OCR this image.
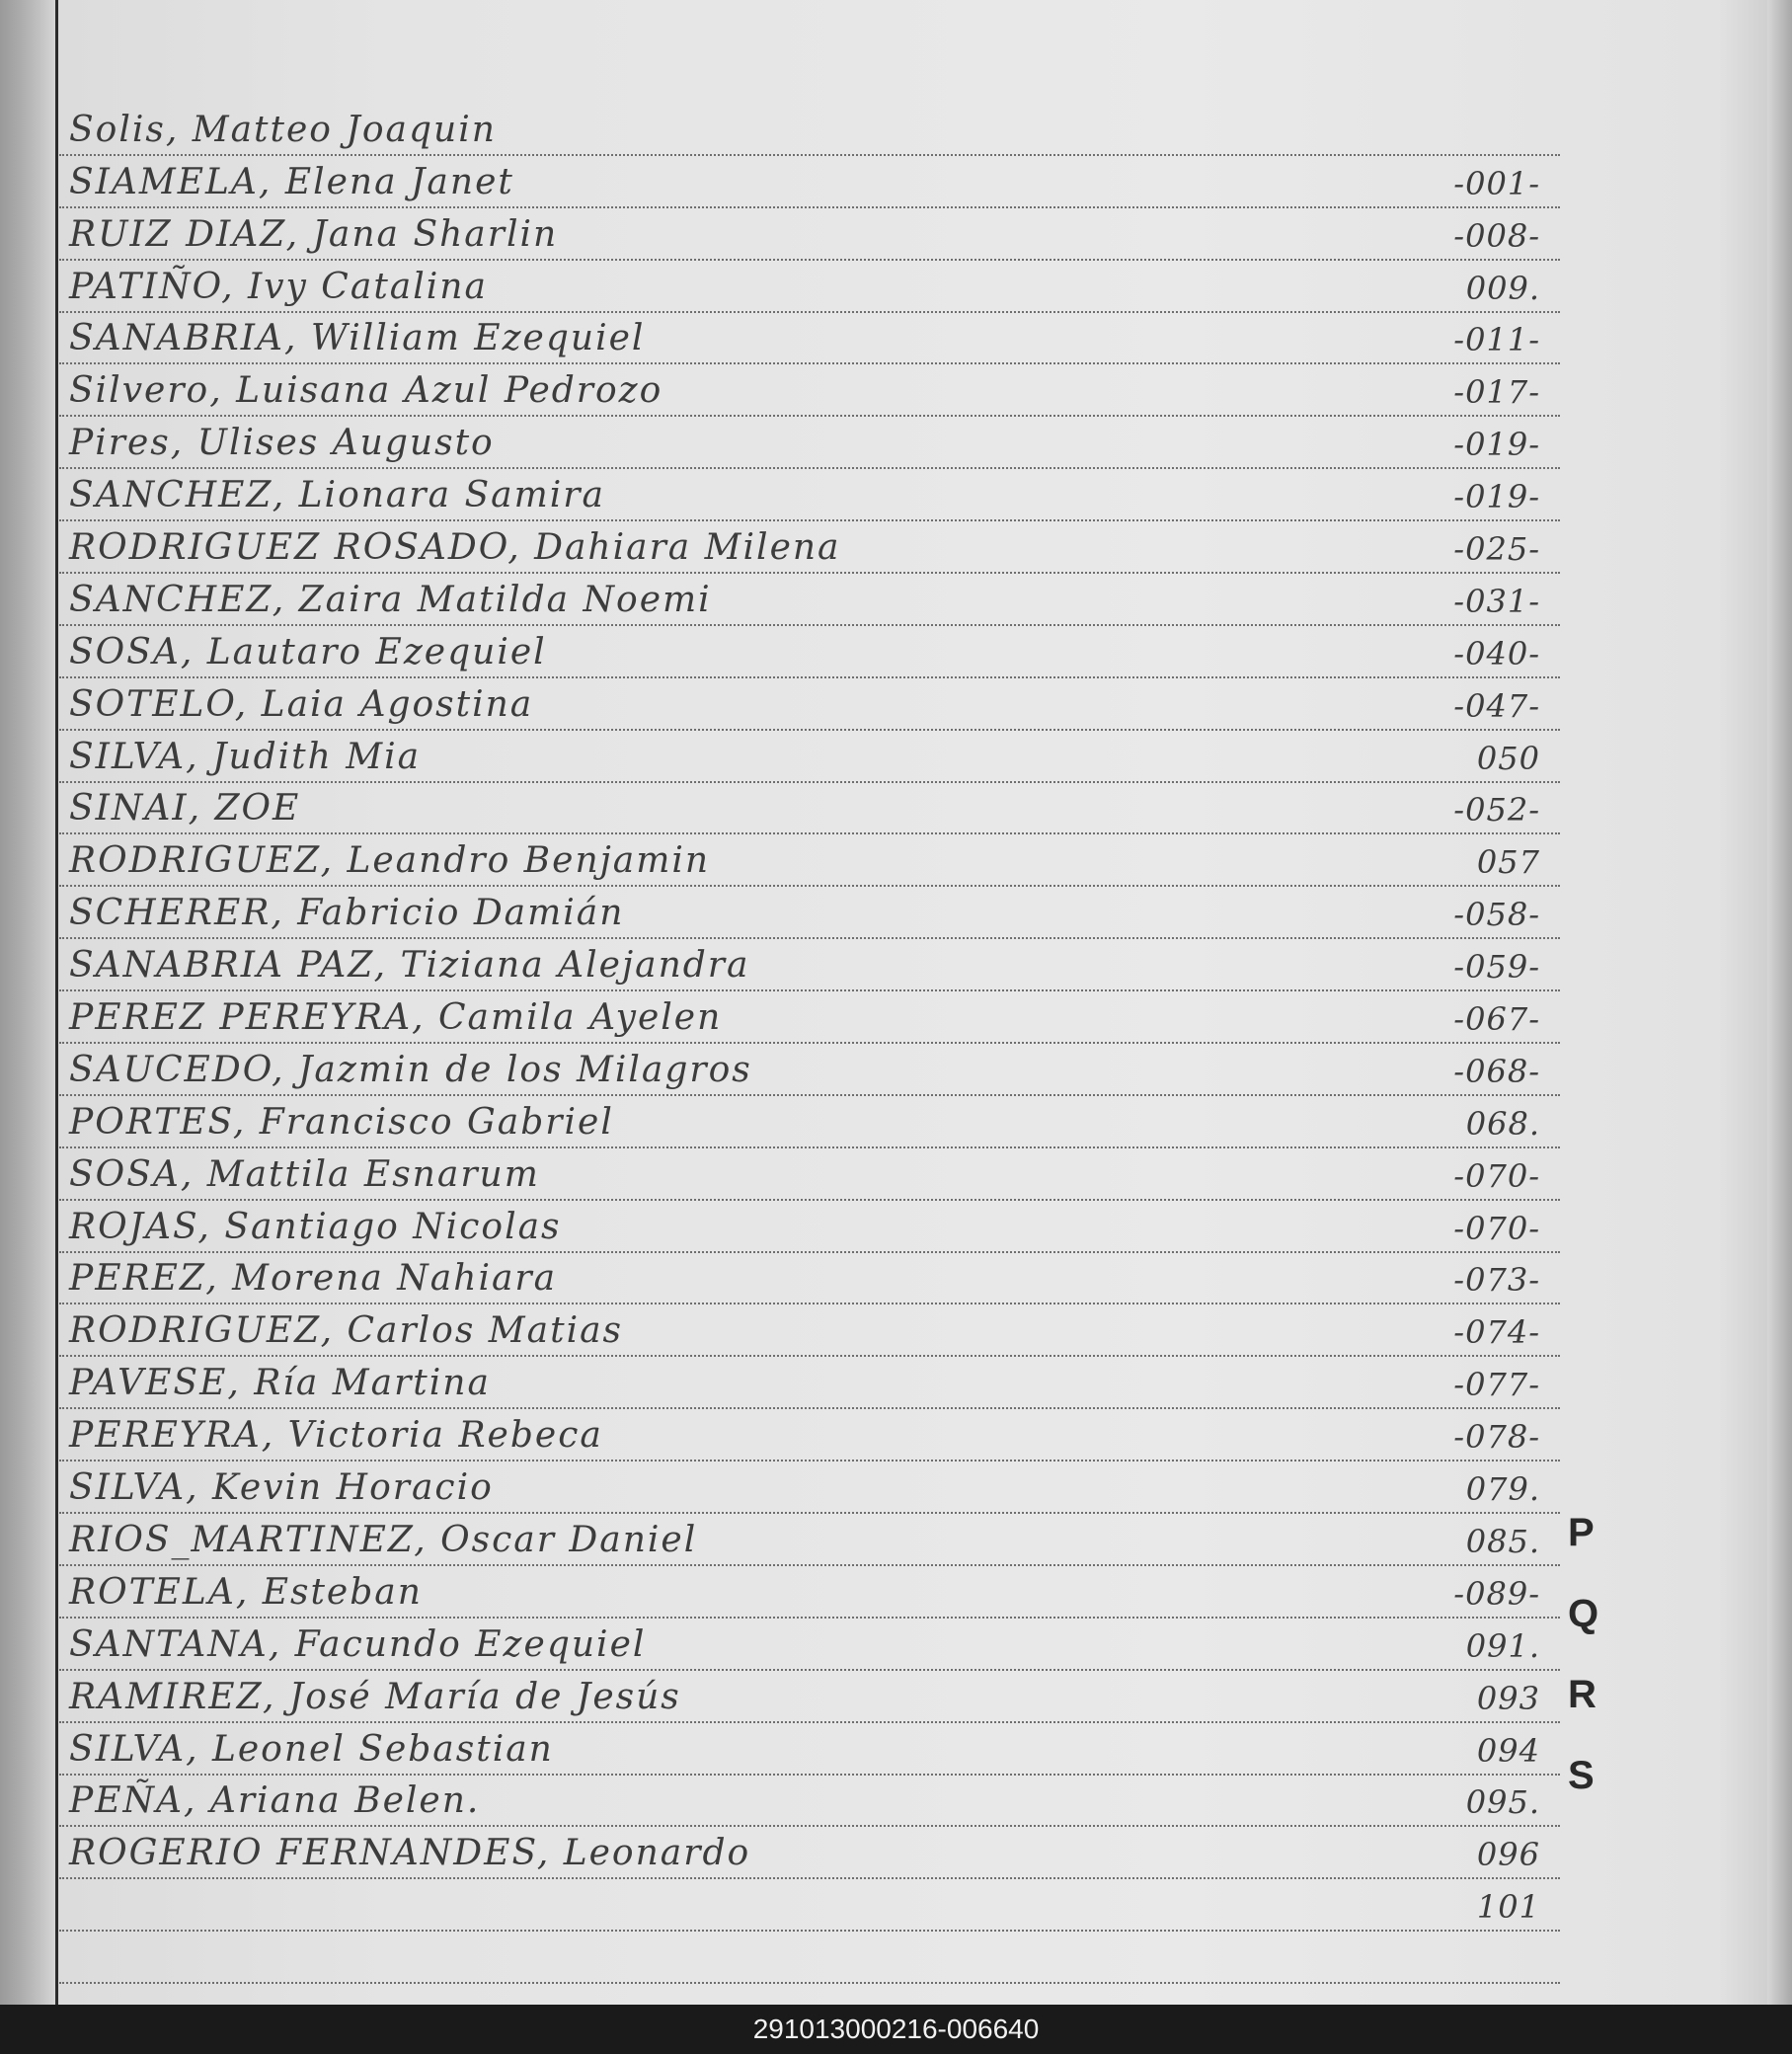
Solis, Matteo Joaquin
SIAMELA, Elena Janet	-001-
RUIZ DIAZ, Jana Sharlin	-008-
PATIÑO, Ivy Catalina	009.
SANABRIA, William Ezequiel	-011-
Silvero, Luisana Azul Pedrozo	-017-
Pires, Ulises Augusto	-019-
SANCHEZ, Lionara Samira	-019-
RODRIGUEZ ROSADO, Dahiara Milena	-025-
SANCHEZ, Zaira Matilda Noemi	-031-
SOSA, Lautaro Ezequiel	-040-
SOTELO, Laia Agostina	-047-
SILVA, Judith Mia	050
SINAI, ZOE	-052-
RODRIGUEZ, Leandro Benjamin	057
SCHERER, Fabricio Damián	-058-
SANABRIA PAZ, Tiziana Alejandra	-059-
PEREZ PEREYRA, Camila Ayelen	-067-
SAUCEDO, Jazmin de los Milagros	-068-
PORTES, Francisco Gabriel	068.
SOSA, Mattila Esnarum	-070-
ROJAS, Santiago Nicolas	-070-
PEREZ, Morena Nahiara	-073-
RODRIGUEZ, Carlos Matias	-074-
PAVESE, Ría Martina	-077-
PEREYRA, Victoria Rebeca	-078-
SILVA, Kevin Horacio	079.
RIOS_MARTINEZ, Oscar Daniel	085.
ROTELA, Esteban	-089-
SANTANA, Facundo Ezequiel	091.
RAMIREZ, José María de Jesús	093
SILVA, Leonel Sebastian	094
PEÑA, Ariana Belen.	095.
ROGERIO FERNANDES, Leonardo	096
101
P
Q
R
S
291013000216-006640
